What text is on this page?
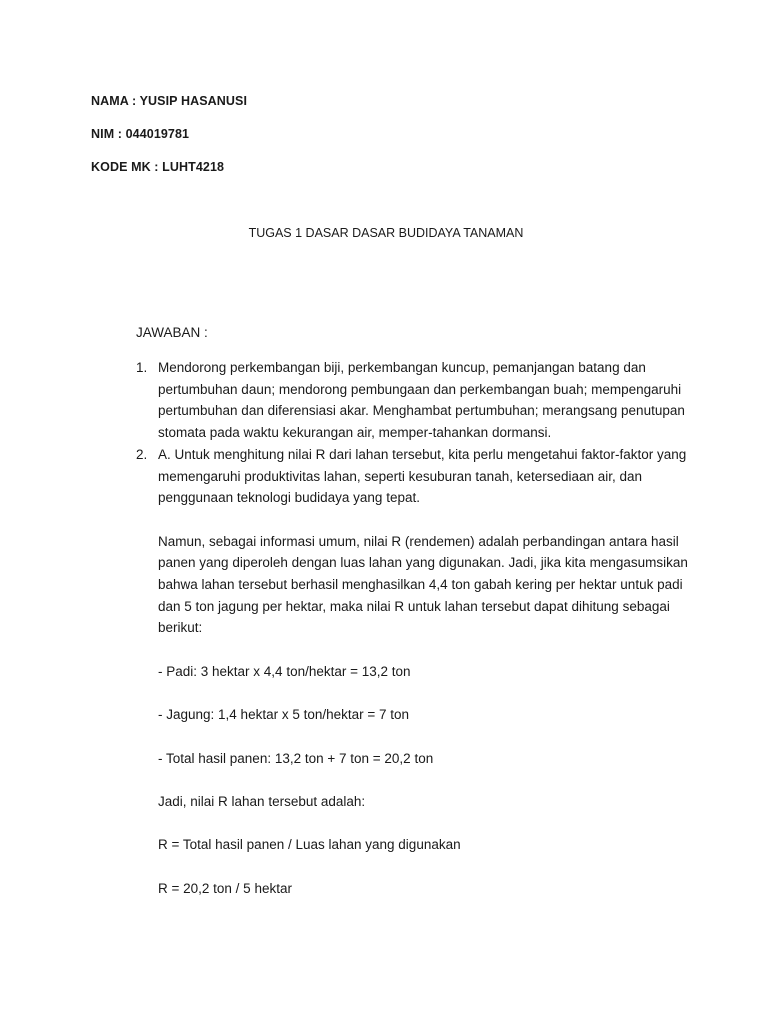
NAMA : YUSIP HASANUSI
NIM : 044019781
KODE MK : LUHT4218
TUGAS 1 DASAR DASAR BUDIDAYA TANAMAN
JAWABAN :
1. Mendorong perkembangan biji, perkembangan kuncup, pemanjangan batang dan pertumbuhan daun; mendorong pembungaan dan perkembangan buah; mempengaruhi pertumbuhan dan diferensiasi akar. Menghambat pertumbuhan; merangsang penutupan stomata pada waktu kekurangan air, memper-tahankan dormansi.

2. A. Untuk menghitung nilai R dari lahan tersebut, kita perlu mengetahui faktor-faktor yang memengaruhi produktivitas lahan, seperti kesuburan tanah, ketersediaan air, dan penggunaan teknologi budidaya yang tepat.

Namun, sebagai informasi umum, nilai R (rendemen) adalah perbandingan antara hasil panen yang diperoleh dengan luas lahan yang digunakan. Jadi, jika kita mengasumsikan bahwa lahan tersebut berhasil menghasilkan 4,4 ton gabah kering per hektar untuk padi dan 5 ton jagung per hektar, maka nilai R untuk lahan tersebut dapat dihitung sebagai berikut:

- Padi: 3 hektar x 4,4 ton/hektar = 13,2 ton

- Jagung: 1,4 hektar x 5 ton/hektar = 7 ton

- Total hasil panen: 13,2 ton + 7 ton = 20,2 ton

Jadi, nilai R lahan tersebut adalah:

R = Total hasil panen / Luas lahan yang digunakan

R = 20,2 ton / 5 hektar
